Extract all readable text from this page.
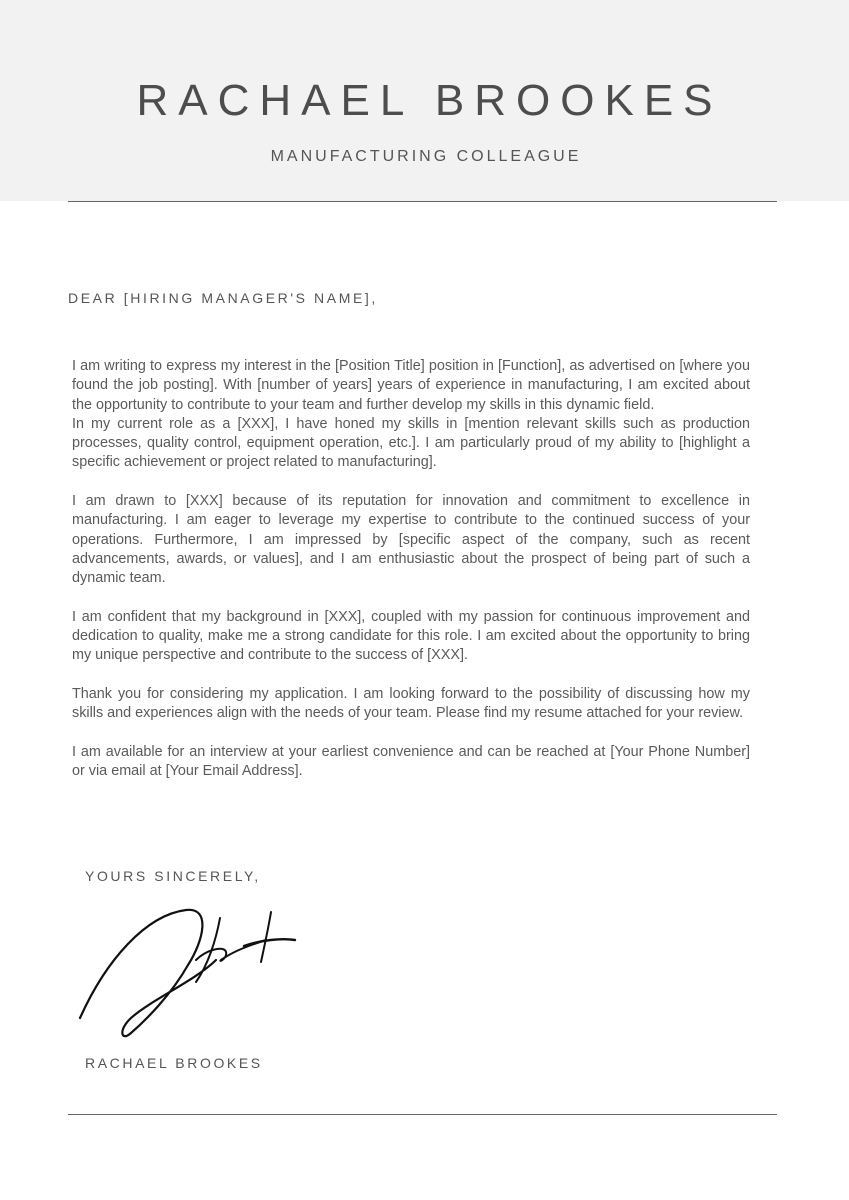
RACHAEL BROOKES
MANUFACTURING COLLEAGUE
DEAR [HIRING MANAGER'S NAME],

I am writing to express my interest in the [Position Title] position in [Function], as advertised on [where you found the job posting]. With [number of years] years of experience in manufacturing, I am excited about the opportunity to contribute to your team and further develop my skills in this dynamic field.

In my current role as a [XXX], I have honed my skills in [mention relevant skills such as production processes, quality control, equipment operation, etc.]. I am particularly proud of my ability to [highlight a specific achievement or project related to manufacturing].

I am drawn to [XXX] because of its reputation for innovation and commitment to excellence in manufacturing. I am eager to leverage my expertise to contribute to the continued success of your operations. Furthermore, I am impressed by [specific aspect of the company, such as recent advancements, awards, or values], and I am enthusiastic about the prospect of being part of such a dynamic team.

I am confident that my background in [XXX], coupled with my passion for continuous improvement and dedication to quality, make me a strong candidate for this role. I am excited about the opportunity to bring my unique perspective and contribute to the success of [XXX].

Thank you for considering my application. I am looking forward to the possibility of discussing how my skills and experiences align with the needs of your team. Please find my resume attached for your review.

I am available for an interview at your earliest convenience and can be reached at [Your Phone Number] or via email at [Your Email Address].

YOURS SINCERELY,
RACHAEL BROOKES
